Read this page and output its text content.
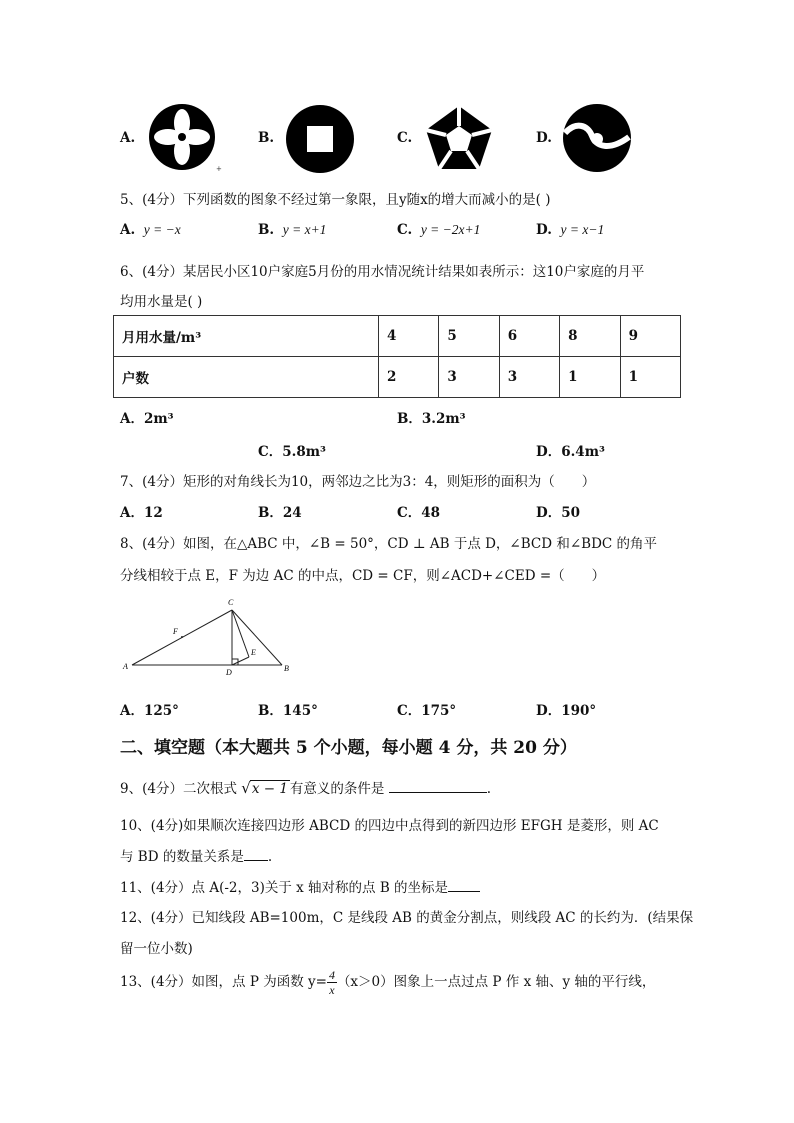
A.
+
B.	C.	D.
5、(4分）下列函数的图象不经过第一象限，且y随x的增大而减小的是( )
A. y = −x	B. y = x+1	C. y = −2x+1	D. y = x−1
6、(4分）某居民小区10户家庭5月份的用水情况统计结果如表所示：这10户家庭的月平
均用水量是( )
月用水量/m³	4	5	6	8	9
户数	2	3	3	1	1
A．2m³	B．3.2m³
C．5.8m³	D．6.4m³
7、(4分）矩形的对角线长为10，两邻边之比为3：4，则矩形的面积为（　　）
A．12	B．24	C．48	D．50
8、(4分）如图，在△ABC 中，∠B = 50°，CD ⊥ AB 于点 D，∠BCD 和∠BDC 的角平
分线相较于点 E，F 为边 AC 的中点，CD = CF，则∠ACD+∠CED =（　　）
C
A	B
D
E
F
A．125°	B．145°	C．175°	D．190°
二、填空题（本大题共 5 个小题，每小题 4 分，共 20 分）
9、(4分）二次根式 √x − 1 有意义的条件是	.
10、(4分)如果顺次连接四边形 ABCD 的四边中点得到的新四边形 EFGH 是菱形，则 AC
与 BD 的数量关系是 .
11、(4分）点 A(-2，3)关于 x 轴对称的点 B 的坐标是
12、(4分）已知线段 AB=100m，C 是线段 AB 的黄金分割点，则线段 AC 的长约为．(结果保
留一位小数)
13、(4分）如图，点 P 为函数 $y= \frac{4}{x} (x>0)$图象上一点过点 P 作 x 轴、y 轴的平行线，
